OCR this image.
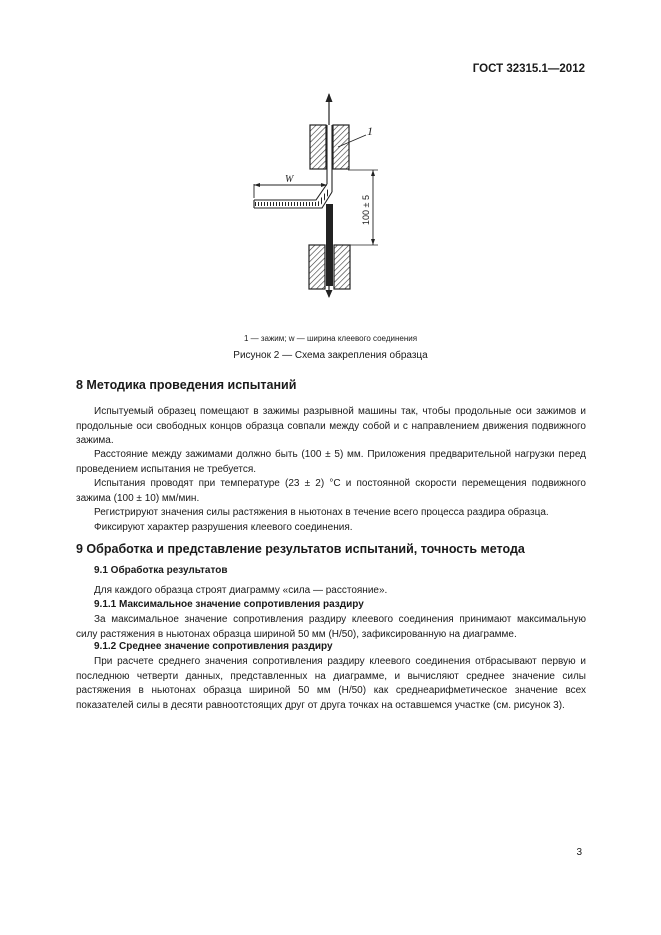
ГОСТ 32315.1—2012
W
1
100 ± 5
1 — зажим; w — ширина клеевого соединения
Рисунок 2 — Схема закрепления образца
8 Методика проведения испытаний
Испытуемый образец помещают в зажимы разрывной машины так, чтобы продольные оси зажимов и продольные оси свободных концов образца совпали между собой и с направлением движения подвижного зажима.
Расстояние между зажимами должно быть (100 ± 5) мм. Приложения предварительной нагрузки перед проведением испытания не требуется.
Испытания проводят при температуре (23 ± 2) °С и постоянной скорости перемещения подвижного зажима (100 ± 10) мм/мин.
Регистрируют значения силы растяжения в ньютонах в течение всего процесса раздира образца.
Фиксируют характер разрушения клеевого соединения.
9 Обработка и представление результатов испытаний, точность метода
9.1 Обработка результатов
Для каждого образца строят диаграмму «сила — расстояние».
9.1.1 Максимальное значение сопротивления раздиру
За максимальное значение сопротивления раздиру клеевого соединения принимают максимальную силу растяжения в ньютонах образца шириной 50 мм (Н/50), зафиксированную на диаграмме.
9.1.2 Среднее значение сопротивления раздиру
При расчете среднего значения сопротивления раздиру клеевого соединения отбрасывают первую и последнюю четверти данных, представленных на диаграмме, и вычисляют среднее значение силы растяжения в ньютонах образца шириной 50 мм (Н/50) как среднеарифметическое значение всех показателей силы в десяти равноотстоящих друг от друга точках на оставшемся участке (см. рисунок 3).
3
